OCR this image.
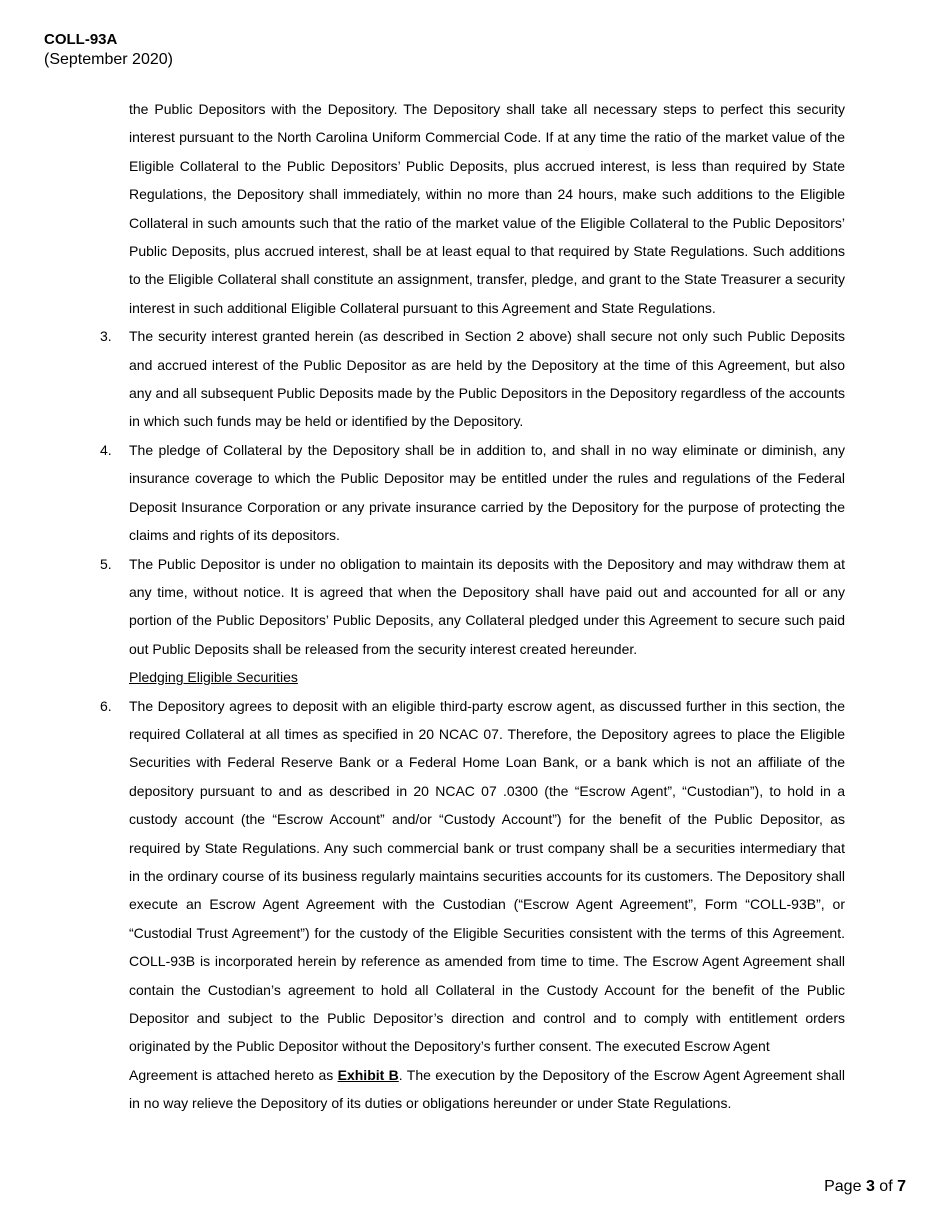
COLL-93A
(September 2020)

the Public Depositors with the Depository. The Depository shall take all necessary steps to perfect this security interest pursuant to the North Carolina Uniform Commercial Code. If at any time the ratio of the market value of the Eligible Collateral to the Public Depositors’ Public Deposits, plus accrued interest, is less than required by State Regulations, the Depository shall immediately, within no more than 24 hours, make such additions to the Eligible Collateral in such amounts such that the ratio of the market value of the Eligible Collateral to the Public Depositors’ Public Deposits, plus accrued interest, shall be at least equal to that required by State Regulations. Such additions to the Eligible Collateral shall constitute an assignment, transfer, pledge, and grant to the State Treasurer a security interest in such additional Eligible Collateral pursuant to this Agreement and State Regulations.

3. The security interest granted herein (as described in Section 2 above) shall secure not only such Public Deposits and accrued interest of the Public Depositor as are held by the Depository at the time of this Agreement, but also any and all subsequent Public Deposits made by the Public Depositors in the Depository regardless of the accounts in which such funds may be held or identified by the Depository.
4. The pledge of Collateral by the Depository shall be in addition to, and shall in no way eliminate or diminish, any insurance coverage to which the Public Depositor may be entitled under the rules and regulations of the Federal Deposit Insurance Corporation or any private insurance carried by the Depository for the purpose of protecting the claims and rights of its depositors.
5. The Public Depositor is under no obligation to maintain its deposits with the Depository and may withdraw them at any time, without notice. It is agreed that when the Depository shall have paid out and accounted for all or any portion of the Public Depositors’ Public Deposits, any Collateral pledged under this Agreement to secure such paid out Public Deposits shall be released from the security interest created hereunder.

Pledging Eligible Securities

6. The Depository agrees to deposit with an eligible third-party escrow agent, as discussed further in this section, the required Collateral at all times as specified in 20 NCAC 07. Therefore, the Depository agrees to place the Eligible Securities with Federal Reserve Bank or a Federal Home Loan Bank, or a bank which is not an affiliate of the depository pursuant to and as described in 20 NCAC 07 .0300 (the “Escrow Agent”, “Custodian”), to hold in a custody account (the “Escrow Account” and/or “Custody Account”) for the benefit of the Public Depositor, as required by State Regulations. Any such commercial bank or trust company shall be a securities intermediary that in the ordinary course of its business regularly maintains securities accounts for its customers. The Depository shall execute an Escrow Agent Agreement with the Custodian (“Escrow Agent Agreement”, Form “COLL-93B”, or “Custodial Trust Agreement”) for the custody of the Eligible Securities consistent with the terms of this Agreement. COLL-93B is incorporated herein by reference as amended from time to time. The Escrow Agent Agreement shall contain the Custodian’s agreement to hold all Collateral in the Custody Account for the benefit of the Public Depositor and subject to the Public Depositor’s direction and control and to comply with entitlement orders originated by the Public Depositor without the Depository’s further consent. The executed Escrow Agent
Agreement is attached hereto as Exhibit B. The execution by the Depository of the Escrow Agent Agreement shall in no way relieve the Depository of its duties or obligations hereunder or under State Regulations.
Page 3 of 7
